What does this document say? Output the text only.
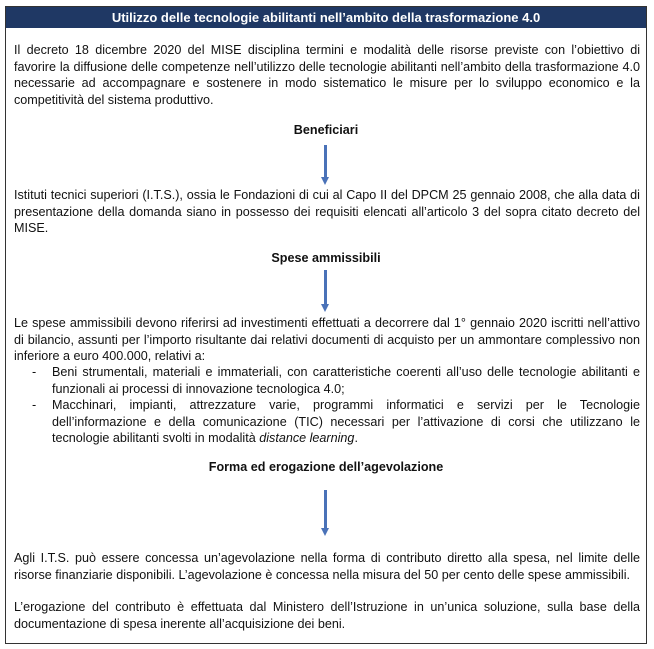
Utilizzo delle tecnologie abilitanti nell’ambito della trasformazione 4.0

Il decreto 18 dicembre 2020 del MISE disciplina termini e modalità delle risorse previste con l’obiettivo di favorire la diffusione delle competenze nell’utilizzo delle tecnologie abilitanti nell’ambito della trasformazione 4.0 necessarie ad accompagnare e sostenere in modo sistematico le misure per lo sviluppo economico e la competitività del sistema produttivo.

Beneficiari

Istituti tecnici superiori (I.T.S.), ossia le Fondazioni di cui al Capo II del DPCM 25 gennaio 2008, che alla data di presentazione della domanda siano in possesso dei requisiti elencati all’articolo 3 del sopra citato decreto del MISE.

Spese ammissibili

Le spese ammissibili devono riferirsi ad investimenti effettuati a decorrere dal 1° gennaio 2020 iscritti nell’attivo di bilancio, assunti per l’importo risultante dai relativi documenti di acquisto per un ammontare complessivo non inferiore a euro 400.000, relativi a:

- Beni strumentali, materiali e immateriali, con caratteristiche coerenti all’uso delle tecnologie abilitanti e funzionali ai processi di innovazione tecnologica 4.0;
- Macchinari, impianti, attrezzature varie, programmi informatici e servizi per le Tecnologie dell’informazione e della comunicazione (TIC) necessari per l’attivazione di corsi che utilizzano le tecnologie abilitanti svolti in modalità distance learning.
Forma ed erogazione dell’agevolazione

Agli I.T.S. può essere concessa un’agevolazione nella forma di contributo diretto alla spesa, nel limite delle risorse finanziarie disponibili. L’agevolazione è concessa nella misura del 50 per cento delle spese ammissibili.

L’erogazione del contributo è effettuata dal Ministero dell’Istruzione in un’unica soluzione, sulla base della documentazione di spesa inerente all’acquisizione dei beni.
